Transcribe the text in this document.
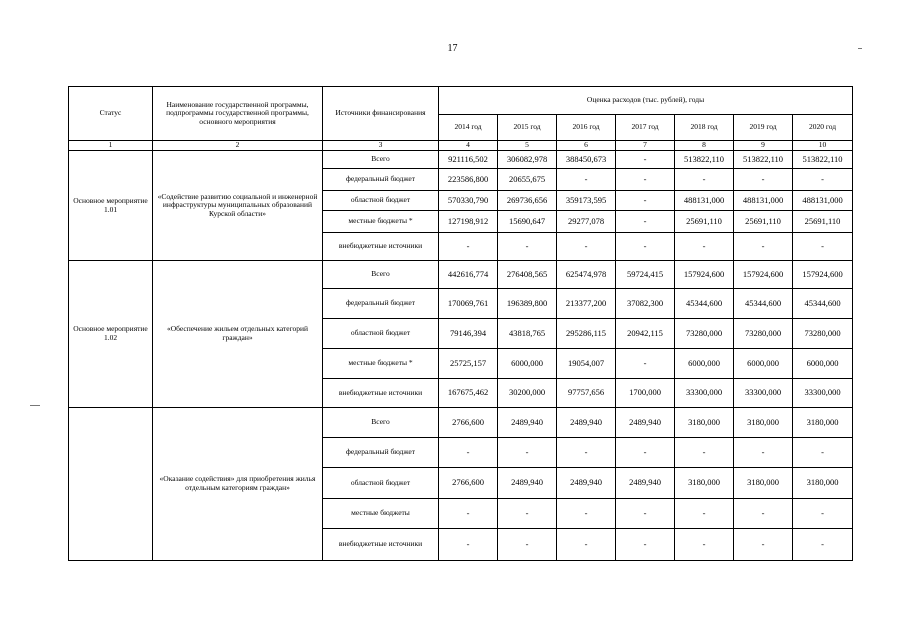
17
Статус	Наименование государственной программы, подпрограммы государственной программы, основного мероприятия	Источники финансирования	Оценка расходов (тыс. рублей), годы						
			2014 год	2015 год	2016 год	2017 год	2018 год	2019 год	2020 год
1	2	3	4	5	6	7	8	9	10
Основное мероприятие 1.01	«Содействие развитию социальной и инженерной инфраструктуры муниципальных образований Курской области»	Всего	921116,502	306082,978	388450,673	-	513822,110	513822,110	513822,110
		федеральный бюджет	223586,800	20655,675	-	-	-	-	-
		областной бюджет	570330,790	269736,656	359173,595	-	488131,000	488131,000	488131,000
		местные бюджеты *	127198,912	15690,647	29277,078	-	25691,110	25691,110	25691,110
		внебюджетные источники	-	-	-	-	-	-	-
Основное мероприятие 1.02	«Обеспечение жильем отдельных категорий граждан»	Всего	442616,774	276408,565	625474,978	59724,415	157924,600	157924,600	157924,600
		федеральный бюджет	170069,761	196389,800	213377,200	37082,300	45344,600	45344,600	45344,600
		областной бюджет	79146,394	43818,765	295286,115	20942,115	73280,000	73280,000	73280,000
		местные бюджеты *	25725,157	6000,000	19054,007	-	6000,000	6000,000	6000,000
		внебюджетные источники	167675,462	30200,000	97757,656	1700,000	33300,000	33300,000	33300,000
	«Оказание содействия» для приобретения жилья отдельным категориям граждан»	Всего	2766,600	2489,940	2489,940	2489,940	3180,000	3180,000	3180,000
		федеральный бюджет	-	-	-	-	-	-	-
		областной бюджет	2766,600	2489,940	2489,940	2489,940	3180,000	3180,000	3180,000
		местные бюджеты	-	-	-	-	-	-	-
		внебюджетные источники	-	-	-	-	-	-	-
